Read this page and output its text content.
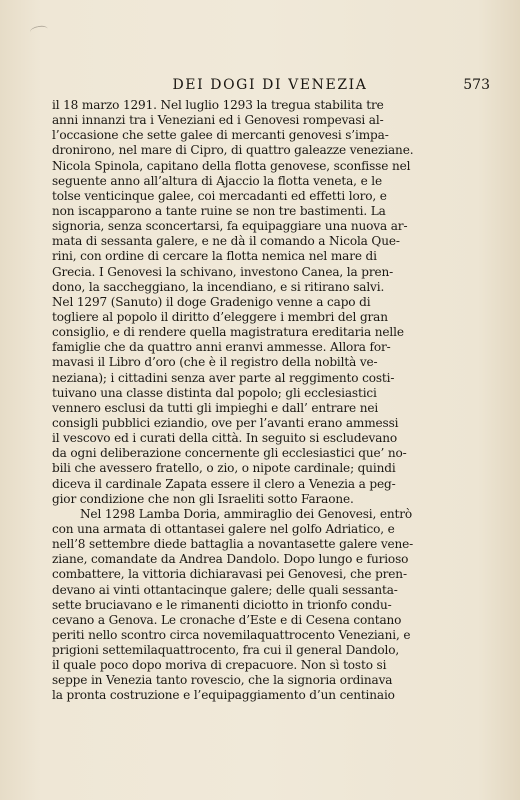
DEI DOGI DI VENEZIA	573
il 18 marzo 1291. Nel luglio 1293 la tregua stabilita tre
anni innanzi tra i Veneziani ed i Genovesi rompevasi al-
l’occasione che sette galee di mercanti genovesi s’impa-
dronirono, nel mare di Cipro, di quattro galeazze veneziane.
Nicola Spinola, capitano della flotta genovese, sconfisse nel
seguente anno all’altura di Ajaccio la flotta veneta, e le
tolse venticinque galee, coi mercadanti ed effetti loro, e
non iscapparono a tante ruine se non tre bastimenti. La
signoria, senza sconcertarsi, fa equipaggiare una nuova ar-
mata di sessanta galere, e ne dà il comando a Nicola Que-
rini, con ordine di cercare la flotta nemica nel mare di
Grecia. I Genovesi la schivano, investono Canea, la pren-
dono, la saccheggiano, la incendiano, e si ritirano salvi.
Nel 1297 (Sanuto) il doge Gradenigo venne a capo di
togliere al popolo il diritto d’eleggere i membri del gran
consiglio, e di rendere quella magistratura ereditaria nelle
famiglie che da quattro anni eranvi ammesse. Allora for-
mavasi il Libro d’oro (che è il registro della nobiltà ve-
neziana); i cittadini senza aver parte al reggimento costi-
tuivano una classe distinta dal popolo; gli ecclesiastici
vennero esclusi da tutti gli impieghi e dall’ entrare nei
consigli pubblici eziandio, ove per l’avanti erano ammessi
il vescovo ed i curati della città. In seguito si escludevano
da ogni deliberazione concernente gli ecclesiastici que’ no-
bili che avessero fratello, o zio, o nipote cardinale; quindi
diceva il cardinale Zapata essere il clero a Venezia a peg-
gior condizione che non gli Israeliti sotto Faraone.
Nel 1298 Lamba Doria, ammiraglio dei Genovesi, entrò
con una armata di ottantasei galere nel golfo Adriatico, e
nell’8 settembre diede battaglia a novantasette galere vene-
ziane, comandate da Andrea Dandolo. Dopo lungo e furioso
combattere, la vittoria dichiaravasi pei Genovesi, che pren-
devano ai vinti ottantacinque galere; delle quali sessanta-
sette bruciavano e le rimanenti diciotto in trionfo condu-
cevano a Genova. Le cronache d’Este e di Cesena contano
periti nello scontro circa novemilaquattrocento Veneziani, e
prigioni settemilaquattrocento, fra cui il general Dandolo,
il quale poco dopo moriva di crepacuore. Non sì tosto si
seppe in Venezia tanto rovescio, che la signoria ordinava
la pronta costruzione e l’equipaggiamento d’un centinaio
